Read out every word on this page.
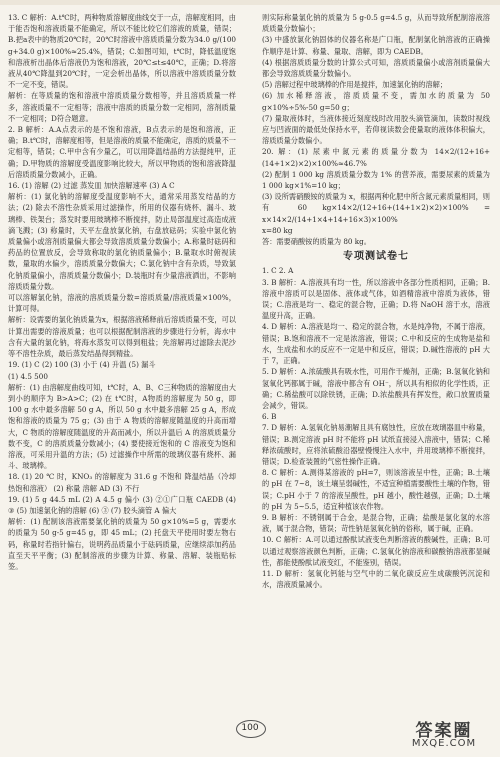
13. C 解析：A.t℃时，两种物质溶解度曲线交于一点，溶解度相同，由于能否饱和溶液质量不能确定，所以不能比较它们溶液的质量，错误；B.把a表中的物质20℃时，20℃时溶液中溶质质量分数为34.0 g/(100 g+34.0 g)×100%≈25.4%，错误；C.如图可知，t℃时，降低温度饱和溶液析出晶体后溶液仍为饱和溶液，20℃≤t≤40℃，正确；D.将溶液从40℃降温到20℃时，一定会析出晶体，所以溶液中溶质质量分数不一定不变，错误。

解析：在等质量的饱和溶液中溶质质量分数相等，并且溶质质量一样多，溶液质量不一定相等；溶液中溶质的质量分数一定相同，溶剂质量不一定相同；D符合题意。

2. B 解析：A.A点表示的是不饱和溶液，B点表示的是饱和溶液，正确；B.t℃时，溶解度相等，但是溶液的质量不能确定，溶质的质量不一定相等，错误；C.甲中含有少量乙，可以用降温结晶的方法提纯甲，正确；D.甲物质的溶解度受温度影响比较大，所以甲物质的饱和溶液降温后溶质质量分数减小，正确。

16. (1) 溶解 (2) 过滤 蒸发皿 加快溶解速率 (3) A C

解析：(1) 氯化钠的溶解度受温度影响不大，通常采用蒸发结晶的方法；(2) 除去不溶性杂质采用过滤操作，所用的仪器有烧杯、漏斗、玻璃棒、铁架台；蒸发时要用玻璃棒不断搅拌，防止局部温度过高造成液滴飞溅；(3) 称量时，天平左盘放氯化钠，右盘放砝码；实验中氯化钠质量偏小或溶剂质量偏大都会导致溶质质量分数偏小；A.称量时砝码和药品的位置放反，会导致称取的氯化钠质量偏小；B.量取水时俯视读数，量取的水偏少，溶质质量分数偏大；C.氯化钠中含有杂质，导致氯化钠质量偏小，溶质质量分数偏小；D.装瓶时有少量溶液洒出，不影响溶质质量分数。

可以溶解氯化钠，溶液的溶质质量分数=溶质质量/溶液质量×100%，计算可得。

解析：设需要的氯化钠质量为x，根据溶液稀释前后溶质质量不变，可以计算出需要的溶液质量；也可以根据配制溶液的步骤进行分析，海水中含有大量的氯化钠，将海水蒸发可以得到粗盐；先溶解再过滤除去泥沙等不溶性杂质，最后蒸发结晶得到精盐。

19. (1) C (2) 100 (3) 小于 (4) 升温 (5) 漏斗

(1) 4.5 500

解析：(1) 由溶解度曲线可知，t℃时，A、B、C三种物质的溶解度由大到小的顺序为 B>A>C；(2) 在 t℃时，A物质的溶解度为 50 g，即 100 g 水中最多溶解 50 g A，所以 50 g 水中最多溶解 25 g A，形成饱和溶液的质量为 75 g；(3) 由于 A 物质的溶解度随温度的升高而增大，C 物质的溶解度随温度的升高而减小，所以升温后 A 的溶质质量分数不变，C 的溶质质量分数减小；(4) 要使接近饱和的 C 溶液变为饱和溶液，可采用升温的方法；(5) 过滤操作中所需的玻璃仪器有烧杯、漏斗、玻璃棒。

18. (1) 20 ℃ 时，KNO₃ 的溶解度为 31.6 g 不饱和 降温结晶（冷却热饱和溶液） (2) 称量 溶解 AD (3) 不行

19. (1) 5 g 44.5 mL (2) A 4.5 g 偏小 (3) ②①广口瓶 CAEDB (4) ③ (5) 加速氯化钠的溶解 (6) ③ (7) 胶头滴管 A 偏大

解析：(1) 配制该溶液需要氯化钠的质量为 50 g×10%=5 g，需要水的质量为 50 g-5 g=45 g，即 45 mL；(2) 托盘天平使用时要左物右码，称量时若指针偏右，说明药品质量小于砝码质量，应继续添加药品直至天平平衡；(3) 配制溶液的步骤为计算、称量、溶解、装瓶贴标签。

则实际称量氯化钠的质量为 5 g-0.5 g=4.5 g，从而导致所配制溶液溶质质量分数偏小；

(3) 中盛放氯化钠固体的仪器名称是广口瓶，配制氯化钠溶液的正确操作顺序是计算、称量、量取、溶解，即为 CAEDB。

(4) 根据溶质质量分数的计算公式可知，溶质质量偏小或溶剂质量偏大都会导致溶质质量分数偏小。

(5) 溶解过程中玻璃棒的作用是搅拌，加速氯化钠的溶解；

(6) 加水稀释溶液，溶质质量不变，需加水的质量为 50 g×10%÷5%-50 g=50 g；

(7) 量取液体时，当液体接近刻度线时改用胶头滴管滴加，读数时视线应与凹液面的最低处保持水平，若仰视读数会使量取的液体体积偏大，溶质质量分数偏小。

20. 解：(1) 尿素中氮元素的质量分数为 14×2/(12+16+(14+1×2)×2)×100%≈46.7%

(2) 配制 1 000 kg 溶质质量分数为 1% 的营养液，需要尿素的质量为 1 000 kg×1%=10 kg；

(3) 设所需硝酸铵的质量为 x，根据两种化肥中所含氮元素质量相同，则有 60 kg×14×2/(12+16+(14+1×2)×2)×100% = x×14×2/(14+1×4+14+16×3)×100%

x=80 kg

答：需要硝酸铵的质量为 80 kg。

专项测试卷七

1. C 2. A

3. B 解析：A.溶液具有均一性，所以溶液中各部分性质相同，正确；B.溶液中溶质可以是固体、液体或气体，如酒精溶液中溶质为液体，错误；C.溶液是均一、稳定的混合物，正确；D.将 NaOH 溶于水，溶液温度升高，正确。

4. D 解析：A.溶液是均一、稳定的混合物，水是纯净物，不属于溶液，错误；B.饱和溶液不一定是浓溶液，错误；C.中和反应的生成物是盐和水，生成盐和水的反应不一定是中和反应，错误；D.碱性溶液的 pH 大于 7，正确。

5. D 解析：A.浓硫酸具有吸水性，可用作干燥剂，正确；B.氢氧化钠和氢氧化钙都属于碱，溶液中都含有 OH⁻，所以具有相似的化学性质，正确；C.稀盐酸可以除铁锈，正确；D.浓盐酸具有挥发性，敞口放置质量会减少，错误。

6. B

7. D 解析：A.氢氧化钠易潮解且具有腐蚀性，应放在玻璃器皿中称量，错误；B.测定溶液 pH 时不能将 pH 试纸直接浸入溶液中，错误；C.稀释浓硫酸时，应将浓硫酸沿器壁慢慢注入水中，并用玻璃棒不断搅拌，错误；D.检查装置的气密性操作正确。

8. C 解析：A.测得某溶液的 pH=7，则该溶液呈中性，正确；B.土壤的 pH 在 7~8，该土壤呈弱碱性，不适宜种植需要酸性土壤的作物，错误；C.pH 小于 7 的溶液呈酸性，pH 越小，酸性越强，正确；D.土壤的 pH 为 5~5.5，适宜种植该农作物。

9. B 解析：不锈钢属于合金，是混合物，正确；盐酸是氯化氢的水溶液，属于混合物，错误；苛性钠是氢氧化钠的俗称，属于碱，正确。

10. C 解析：A.可以通过酚酞试液变色判断溶液的酸碱性，正确；B.可以通过观察溶液颜色判断，正确；C.氢氧化钠溶液和碳酸钠溶液都显碱性，都能使酚酞试液变红，不能鉴别，错误。

11. D 解析：氢氧化钙能与空气中的二氧化碳反应生成碳酸钙沉淀和水，溶液质量减小。

100	答案圈
MXQE.COM
